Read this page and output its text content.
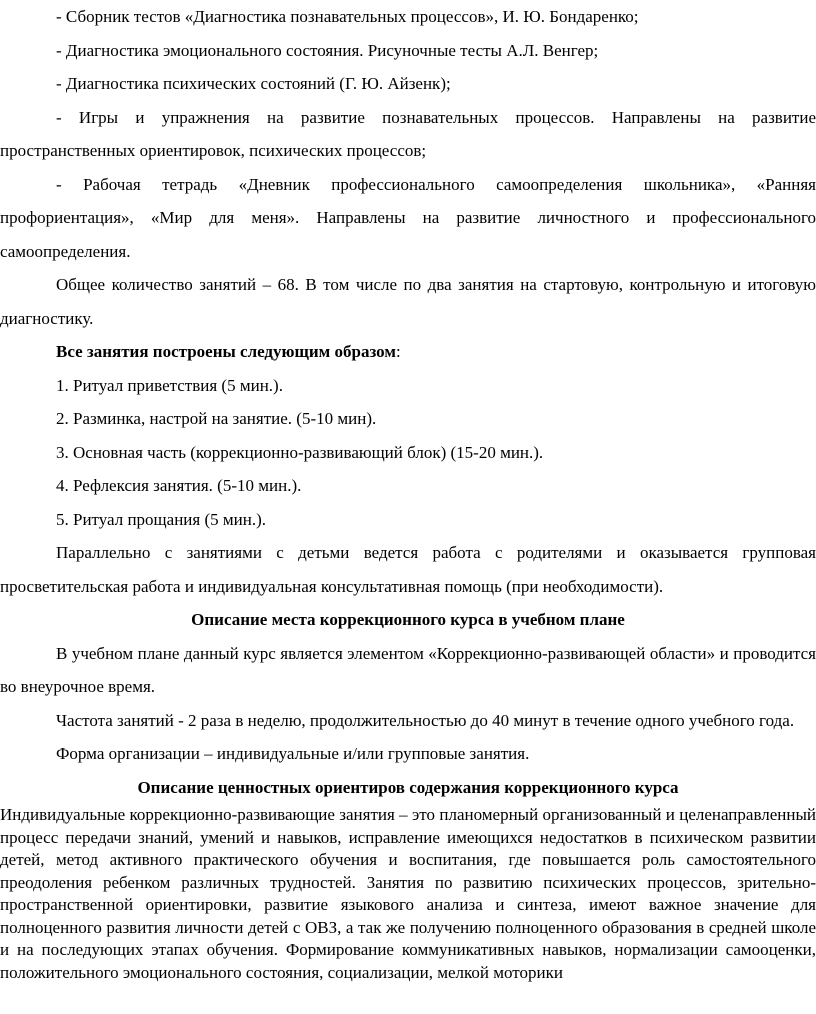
- Сборник тестов «Диагностика познавательных процессов», И. Ю. Бондаренко;

- Диагностика эмоционального состояния. Рисуночные тесты А.Л. Венгер;

- Диагностика психических состояний (Г. Ю. Айзенк);

- Игры и упражнения на развитие познавательных процессов. Направлены на развитие пространственных ориентировок, психических процессов;

- Рабочая тетрадь «Дневник профессионального самоопределения школьника», «Ранняя профориентация», «Мир для меня». Направлены на развитие личностного и профессионального самоопределения.

Общее количество занятий – 68. В том числе по два занятия на стартовую, контрольную и итоговую диагностику.

Все занятия построены следующим образом:

1. Ритуал приветствия (5 мин.).
2. Разминка, настрой на занятие. (5-10 мин).
3. Основная часть (коррекционно-развивающий блок) (15-20 мин.).
4. Рефлексия занятия. (5-10 мин.).
5. Ритуал прощания (5 мин.).

Параллельно с занятиями с детьми ведется работа с родителями и оказывается групповая просветительская работа и индивидуальная консультативная помощь (при необходимости).

Описание места коррекционного курса в учебном плане

В учебном плане данный курс является элементом «Коррекционно-развивающей области» и проводится во внеурочное время.

Частота занятий - 2 раза в неделю, продолжительностью до 40 минут в течение одного учебного года.

Форма организации – индивидуальные и/или групповые занятия.

Описание ценностных ориентиров содержания коррекционного курса

Индивидуальные коррекционно-развивающие занятия – это планомерный организованный и целенаправленный процесс передачи знаний, умений и навыков, исправление имеющихся недостатков в психическом развитии детей, метод активного практического обучения и воспитания, где повышается роль самостоятельного преодоления ребенком различных трудностей. Занятия по развитию психических процессов, зрительно-пространственной ориентировки, развитие языкового анализа и синтеза, имеют важное значение для полноценного развития личности детей с ОВЗ, а так же получению полноценного образования в средней школе и на последующих этапах обучения. Формирование коммуникативных навыков, нормализации самооценки, положительного эмоционального состояния, социализации, мелкой моторики
